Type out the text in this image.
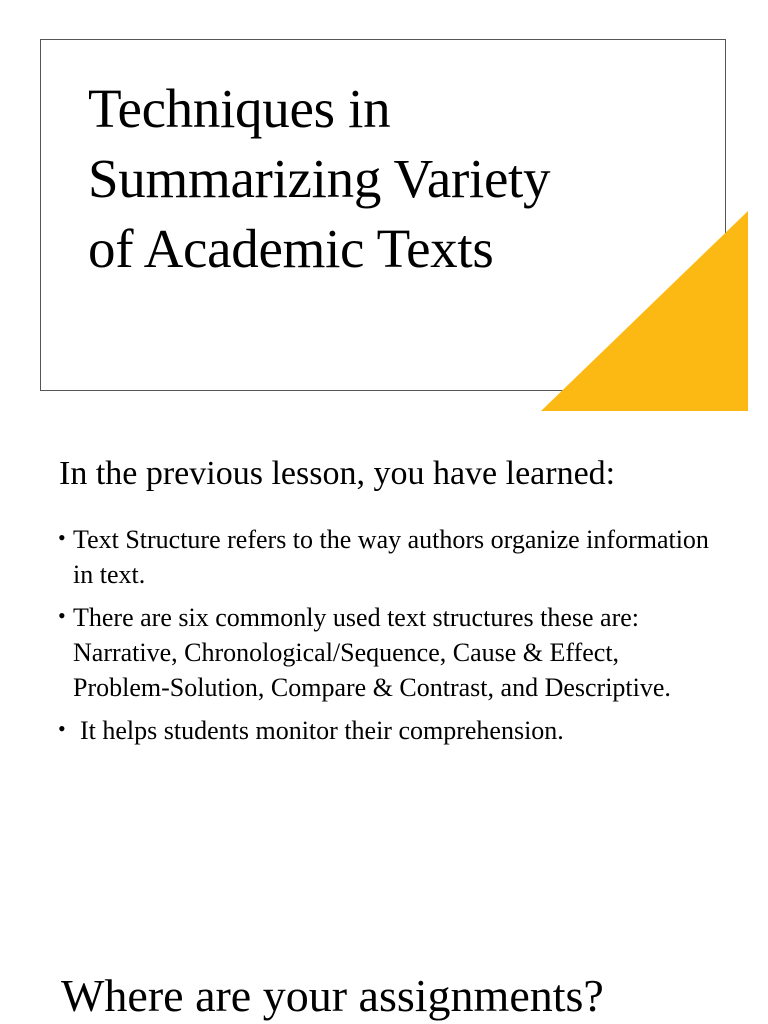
Techniques in
Summarizing Variety
of Academic Texts
In the previous lesson, you have learned:
• Text Structure refers to the way authors organize information in text.
• There are six commonly used text structures these are: Narrative, Chronological/Sequence, Cause & Effect, Problem-Solution, Compare & Contrast, and Descriptive.
• It helps students monitor their comprehension.
Where are your assignments?
